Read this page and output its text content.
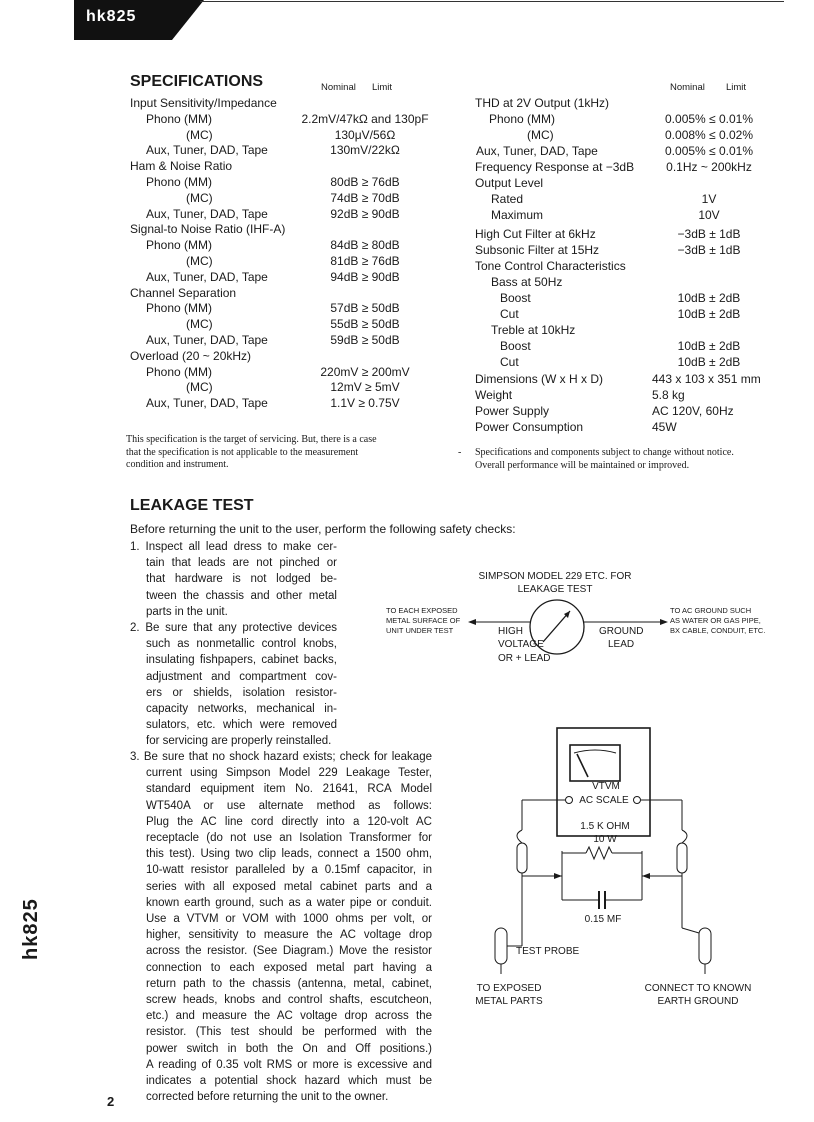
hk825
SPECIFICATIONS	Nominal Limit	Nominal Limit
Input Sensitivity/Impedance
Phono (MM)	2.2mV/47kΩ and 130pF
(MC)	130μV/56Ω
Aux, Tuner, DAD, Tape	130mV/22kΩ
Ham & Noise Ratio
Phono (MM)	80dB ≥ 76dB
(MC)	74dB ≥ 70dB
Aux, Tuner, DAD, Tape	92dB ≥ 90dB
Signal-to Noise Ratio (IHF-A)
Phono (MM)	84dB ≥ 80dB
(MC)	81dB ≥ 76dB
Aux, Tuner, DAD, Tape	94dB ≥ 90dB
Channel Separation
Phono (MM)	57dB ≥ 50dB
(MC)	55dB ≥ 50dB
Aux, Tuner, DAD, Tape	59dB ≥ 50dB
Overload (20 ~ 20kHz)
Phono (MM)	220mV ≥ 200mV
(MC)	12mV ≥ 5mV
Aux, Tuner, DAD, Tape	1.1V ≥ 0.75V
THD at 2V Output (1kHz)
Phono (MM)	0.005% ≤ 0.01%
(MC)	0.008% ≤ 0.02%
Aux, Tuner, DAD, Tape	0.005% ≤ 0.01%
Frequency Response at −3dB	0.1Hz ~ 200kHz
Output Level
Rated	1V
Maximum	10V
High Cut Filter at 6kHz	−3dB ± 1dB
Subsonic Filter at 15Hz	−3dB ± 1dB
Tone Control Characteristics
Bass at 50Hz
Boost	10dB ± 2dB
Cut	10dB ± 2dB
Treble at 10kHz
Boost	10dB ± 2dB
Cut	10dB ± 2dB
Dimensions (W x H x D)	443 x 103 x 351 mm
Weight	5.8 kg
Power Supply	AC 120V, 60Hz
Power Consumption	45W
This specification is the target of servicing. But, there is a case
that the specification is not applicable to the measurement
condition and instrument.
- Specifications and components subject to change without notice.
Overall performance will be maintained or improved.
LEAKAGE TEST
Before returning the unit to the user, perform the following safety checks:
1. Inspect all lead dress to make cer-
tain that leads are not pinched or
that hardware is not lodged be-
tween the chassis and other metal
parts in the unit.
2. Be sure that any protective devices
such as nonmetallic control knobs,
insulating fishpapers, cabinet backs,
adjustment and compartment cov-
ers or shields, isolation resistor-
capacity networks, mechanical in-
sulators, etc. which were removed
for servicing are properly reinstalled.
3. Be sure that no shock hazard exists; check for leakage
current using Simpson Model 229 Leakage Tester,
standard equipment item No. 21641, RCA Model
WT540A or use alternate method as follows:
Plug the AC line cord directly into a 120-volt AC
receptacle (do not use an Isolation Transformer for
this test). Using two clip leads, connect a 1500 ohm,
10-watt resistor paralleled by a 0.15mf capacitor, in
series with all exposed metal cabinet parts and a
known earth ground, such as a water pipe or conduit.
Use a VTVM or VOM with 1000 ohms per volt, or
higher, sensitivity to measure the AC voltage drop
across the resistor. (See Diagram.) Move the resistor
connection to each exposed metal part having a
return path to the chassis (antenna, metal, cabinet,
screw heads, knobs and control shafts, escutcheon,
etc.) and measure the AC voltage drop across the
resistor. (This test should be performed with the
power switch in both the On and Off positions.)
A reading of 0.35 volt RMS or more is excessive and
indicates a potential shock hazard which must be
corrected before returning the unit to the owner.
SIMPSON MODEL 229 ETC. FOR
LEAKAGE TEST
TO EACH EXPOSED
METAL SURFACE OF
UNIT UNDER TEST
TO AC GROUND SUCH
AS WATER OR GAS PIPE,
BX CABLE, CONDUIT, ETC.
HIGH
VOLTAGE
OR + LEAD
GROUND
LEAD
VTVM
AC SCALE
1.5 K OHM
10 W
0.15 MF
TEST PROBE
TO EXPOSED
METAL PARTS
CONNECT TO KNOWN
EARTH GROUND
hk825
2
